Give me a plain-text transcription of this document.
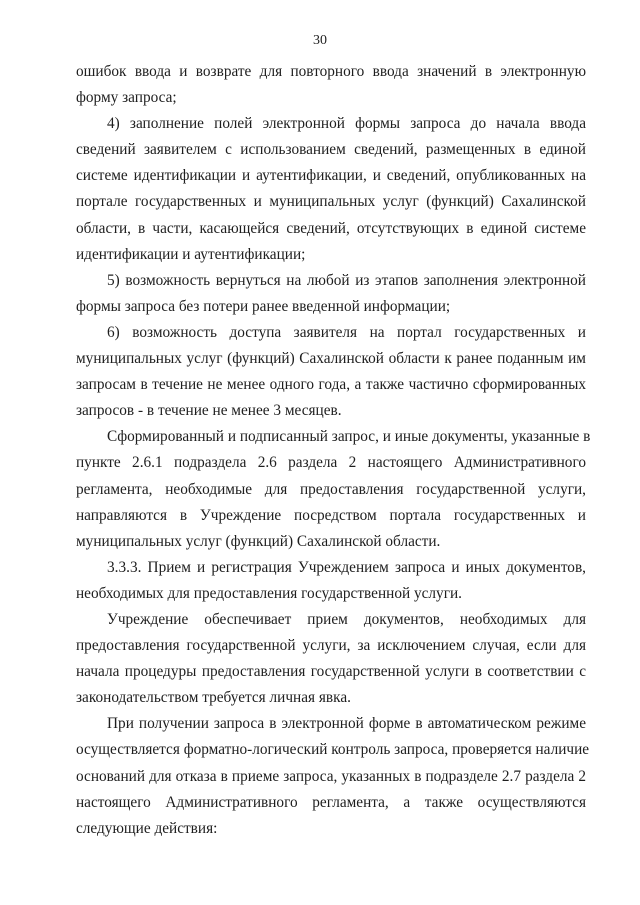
30
ошибок ввода и возврате для повторного ввода значений в электронную
форму запроса;
4) заполнение полей электронной формы запроса до начала ввода
сведений заявителем с использованием сведений, размещенных в единой
системе идентификации и аутентификации, и сведений, опубликованных на
портале государственных и муниципальных услуг (функций) Сахалинской
области, в части, касающейся сведений, отсутствующих в единой системе
идентификации и аутентификации;
5) возможность вернуться на любой из этапов заполнения электронной
формы запроса без потери ранее введенной информации;
6) возможность доступа заявителя на портал государственных и
муниципальных услуг (функций) Сахалинской области к ранее поданным им
запросам в течение не менее одного года, а также частично сформированных
запросов - в течение не менее 3 месяцев.
Сформированный и подписанный запрос, и иные документы, указанные в
пункте 2.6.1 подраздела 2.6 раздела 2 настоящего Административного
регламента, необходимые для предоставления государственной услуги,
направляются в Учреждение посредством портала государственных и
муниципальных услуг (функций) Сахалинской области.
3.3.3. Прием и регистрация Учреждением запроса и иных документов,
необходимых для предоставления государственной услуги.
Учреждение обеспечивает прием документов, необходимых для
предоставления государственной услуги, за исключением случая, если для
начала процедуры предоставления государственной услуги в соответствии с
законодательством требуется личная явка.
При получении запроса в электронной форме в автоматическом режиме
осуществляется форматно-логический контроль запроса, проверяется наличие
оснований для отказа в приеме запроса, указанных в подразделе 2.7 раздела 2
настоящего Административного регламента, а также осуществляются
следующие действия:
